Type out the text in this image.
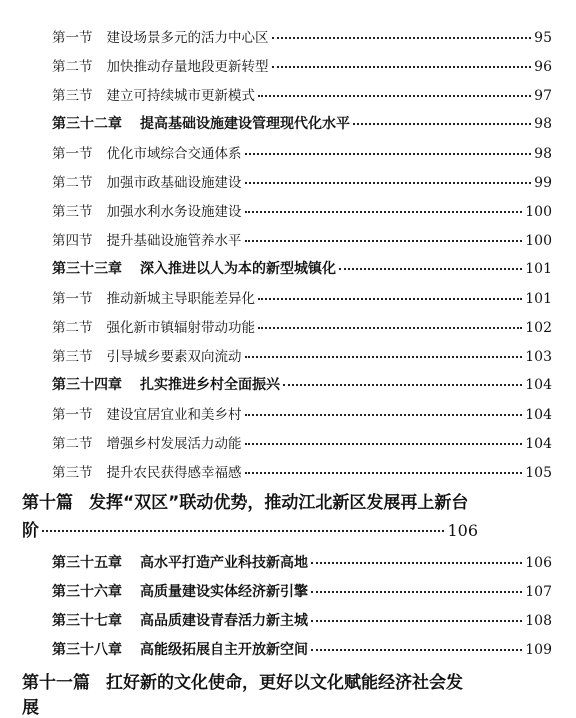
第一节 建设场景多元的活力中心区	95
第二节 加快推动存量地段更新转型	96
第三节 建立可持续城市更新模式	97
第三十二章 提高基础设施建设管理现代化水平	98
第一节 优化市域综合交通体系	98
第二节 加强市政基础设施建设	99
第三节 加强水利水务设施建设	100
第四节 提升基础设施管养水平	100
第三十三章 深入推进以人为本的新型城镇化	101
第一节 推动新城主导职能差异化	101
第二节 强化新市镇辐射带动功能	102
第三节 引导城乡要素双向流动	103
第三十四章 扎实推进乡村全面振兴	104
第一节 建设宜居宜业和美乡村	104
第二节 增强乡村发展活力动能	104
第三节 提升农民获得感幸福感	105
第十篇 发挥“双区”联动优势，推动江北新区发展再上新台
阶	106
第三十五章 高水平打造产业科技新高地	106
第三十六章 高质量建设实体经济新引擎	107
第三十七章 高品质建设青春活力新主城	108
第三十八章 高能级拓展自主开放新空间	109
第十一篇 扛好新的文化使命，更好以文化赋能经济社会发展
